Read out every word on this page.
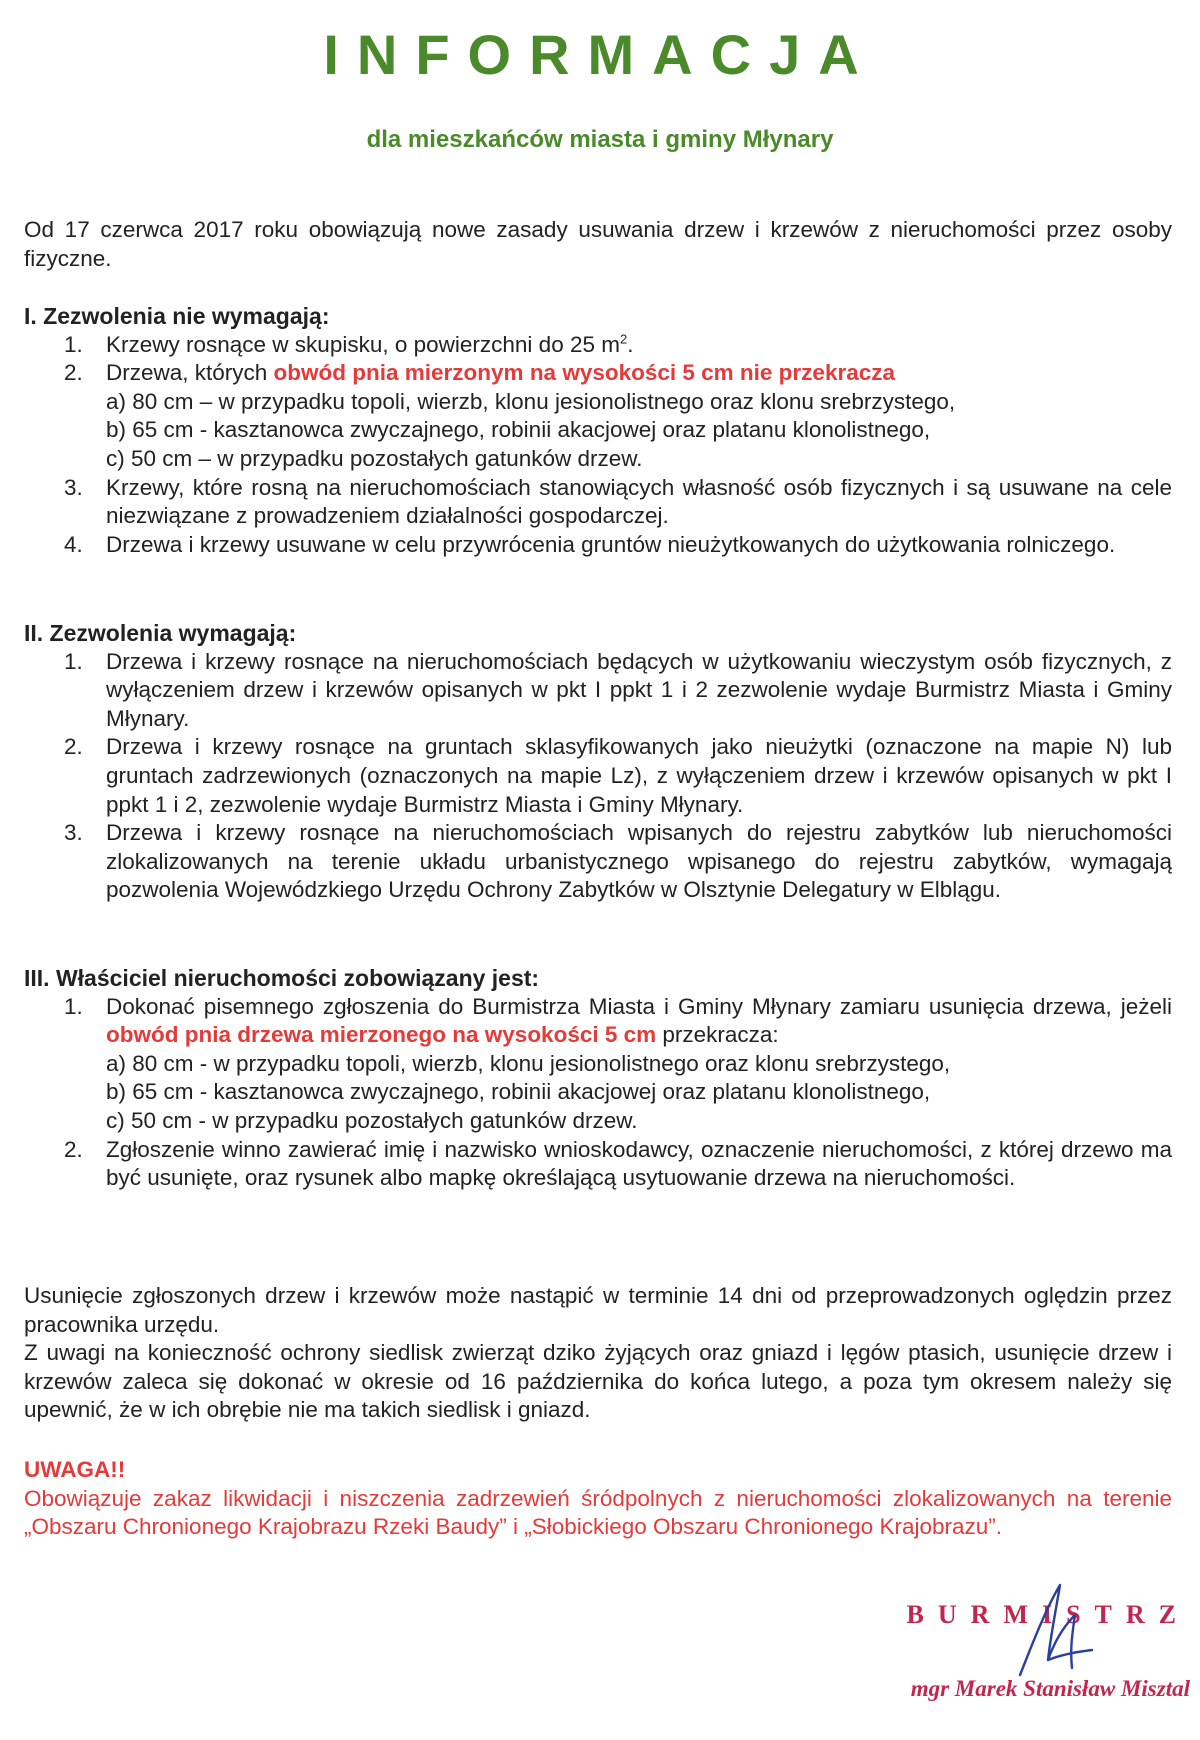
INFORMACJA
dla mieszkańców miasta i gminy Młynary
Od 17 czerwca 2017 roku obowiązują nowe zasady usuwania drzew i krzewów z nieruchomości przez osoby fizyczne.
I. Zezwolenia nie wymagają:
1. Krzewy rosnące w skupisku, o powierzchni do 25 $m^2$.
2. Drzewa, których obwód pnia mierzonym na wysokości 5 cm nie przekracza
a) 80 cm – w przypadku topoli, wierzb, klonu jesionolistnego oraz klonu srebrzystego,
b) 65 cm - kasztanowca zwyczajnego, robinii akacjowej oraz platanu klonolistnego,
c) 50 cm – w przypadku pozostałych gatunków drzew.
3. Krzewy, które rosną na nieruchomościach stanowiących własność osób fizycznych i są usuwane na cele niezwiązane z prowadzeniem działalności gospodarczej.
4. Drzewa i krzewy usuwane w celu przywrócenia gruntów nieużytkowanych do użytkowania rolniczego.
II. Zezwolenia wymagają:
1. Drzewa i krzewy rosnące na nieruchomościach będących w użytkowaniu wieczystym osób fizycznych, z wyłączeniem drzew i krzewów opisanych w pkt I ppkt 1 i 2 zezwolenie wydaje Burmistrz Miasta i Gminy Młynary.
2. Drzewa i krzewy rosnące na gruntach sklasyfikowanych jako nieużytki (oznaczone na mapie N) lub gruntach zadrzewionych (oznaczonych na mapie Lz), z wyłączeniem drzew i krzewów opisanych w pkt I ppkt 1 i 2, zezwolenie wydaje Burmistrz Miasta i Gminy Młynary.
3. Drzewa i krzewy rosnące na nieruchomościach wpisanych do rejestru zabytków lub nieruchomości zlokalizowanych na terenie układu urbanistycznego wpisanego do rejestru zabytków, wymagają pozwolenia Wojewódzkiego Urzędu Ochrony Zabytków w Olsztynie Delegatury w Elblągu.
III. Właściciel nieruchomości zobowiązany jest:
1. Dokonać pisemnego zgłoszenia do Burmistrza Miasta i Gminy Młynary zamiaru usunięcia drzewa, jeżeli obwód pnia drzewa mierzonego na wysokości 5 cm przekracza:
a) 80 cm - w przypadku topoli, wierzb, klonu jesionolistnego oraz klonu srebrzystego,
b) 65 cm - kasztanowca zwyczajnego, robinii akacjowej oraz platanu klonolistnego,
c) 50 cm - w przypadku pozostałych gatunków drzew.
2. Zgłoszenie winno zawierać imię i nazwisko wnioskodawcy, oznaczenie nieruchomości, z której drzewo ma być usunięte, oraz rysunek albo mapkę określającą usytuowanie drzewa na nieruchomości.
Usunięcie zgłoszonych drzew i krzewów może nastąpić w terminie 14 dni od przeprowadzonych oględzin przez pracownika urzędu.
Z uwagi na konieczność ochrony siedlisk zwierząt dziko żyjących oraz gniazd i lęgów ptasich, usunięcie drzew i krzewów zaleca się dokonać w okresie od 16 października do końca lutego, a poza tym okresem należy się upewnić, że w ich obrębie nie ma takich siedlisk i gniazd.
UWAGA!!
Obowiązuje zakaz likwidacji i niszczenia zadrzewień śródpolnych z nieruchomości zlokalizowanych na terenie „Obszaru Chronionego Krajobrazu Rzeki Baudy” i „Słobickiego Obszaru Chronionego Krajobrazu”.
BURMISTRZ
mgr Marek Stanisław Misztal
